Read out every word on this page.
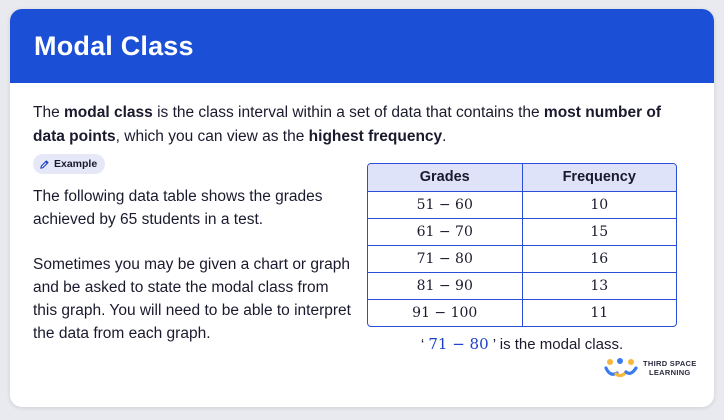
Modal Class

The modal class is the class interval within a set of data that contains the most number of data points, which you can view as the highest frequency.

Example

The following data table shows the grades achieved by 65 students in a test.

Sometimes you may be given a chart or graph and be asked to state the modal class from this graph. You will need to be able to interpret the data from each graph.

Grades	Frequency
51 − 60	10
61 − 70	15
71 − 80	16
81 − 90	13
91 − 100	11

‘ 71 − 80 ’ is the modal class.

THIRD SPACE
LEARNING
